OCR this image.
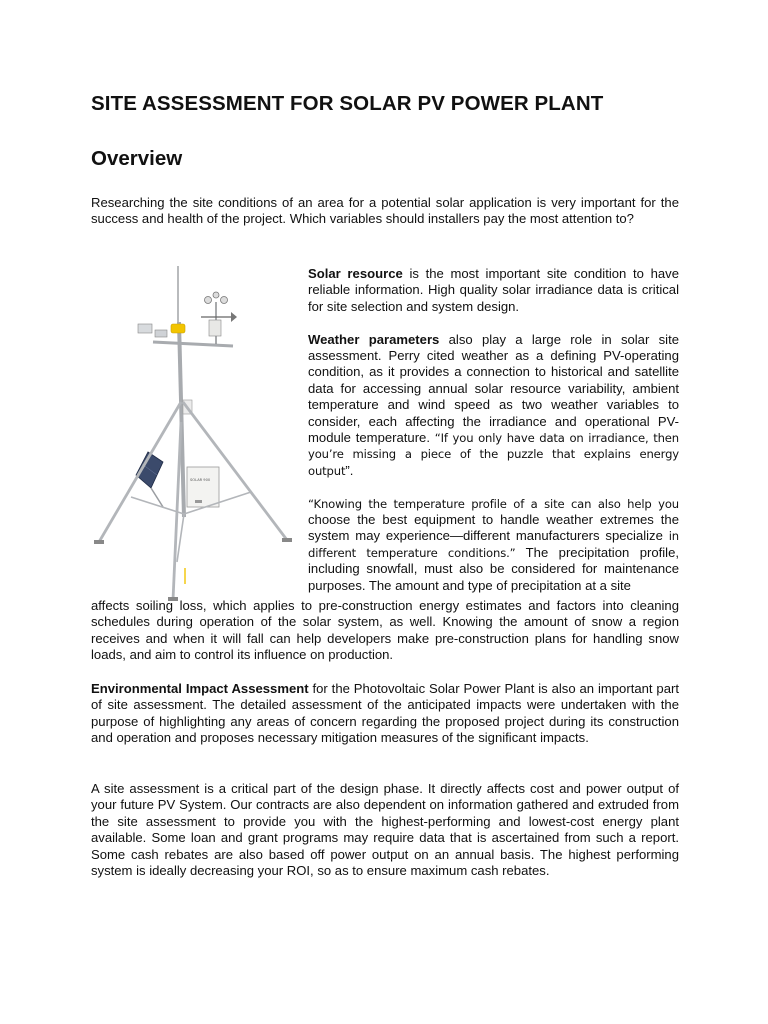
SITE ASSESSMENT FOR SOLAR PV POWER PLANT
Overview

Researching the site conditions of an area for a potential solar application is very important for the success and health of the project. Which variables should installers pay the most attention to?

SOLAR 900

Solar resource is the most important site condition to have reliable information. High quality solar irradiance data is critical for site selection and system design.

Weather parameters also play a large role in solar site assessment. Perry cited weather as a defining PV-operating condition, as it provides a connection to historical and satellite data for accessing annual solar resource variability, ambient temperature and wind speed as two weather variables to consider, each affecting the irradiance and operational PV-module temperature. “If you only have data on irradiance, then you’re missing a piece of the puzzle that explains energy output”.

“Knowing the temperature profile of a site can also help you choose the best equipment to handle weather extremes the system may experience—different manufacturers specialize in different temperature conditions.” The precipitation profile, including snowfall, must also be considered for maintenance purposes. The amount and type of precipitation at a site

affects soiling loss, which applies to pre-construction energy estimates and factors into cleaning schedules during operation of the solar system, as well. Knowing the amount of snow a region receives and when it will fall can help developers make pre-construction plans for handling snow loads, and aim to control its influence on production.

Environmental Impact Assessment for the Photovoltaic Solar Power Plant is also an important part of site assessment. The detailed assessment of the anticipated impacts were undertaken with the purpose of highlighting any areas of concern regarding the proposed project during its construction and operation and proposes necessary mitigation measures of the significant impacts.

A site assessment is a critical part of the design phase. It directly affects cost and power output of your future PV System. Our contracts are also dependent on information gathered and extruded from the site assessment to provide you with the highest-performing and lowest-cost energy plant available. Some loan and grant programs may require data that is ascertained from such a report. Some cash rebates are also based off power output on an annual basis. The highest performing system is ideally decreasing your ROI, so as to ensure maximum cash rebates.
